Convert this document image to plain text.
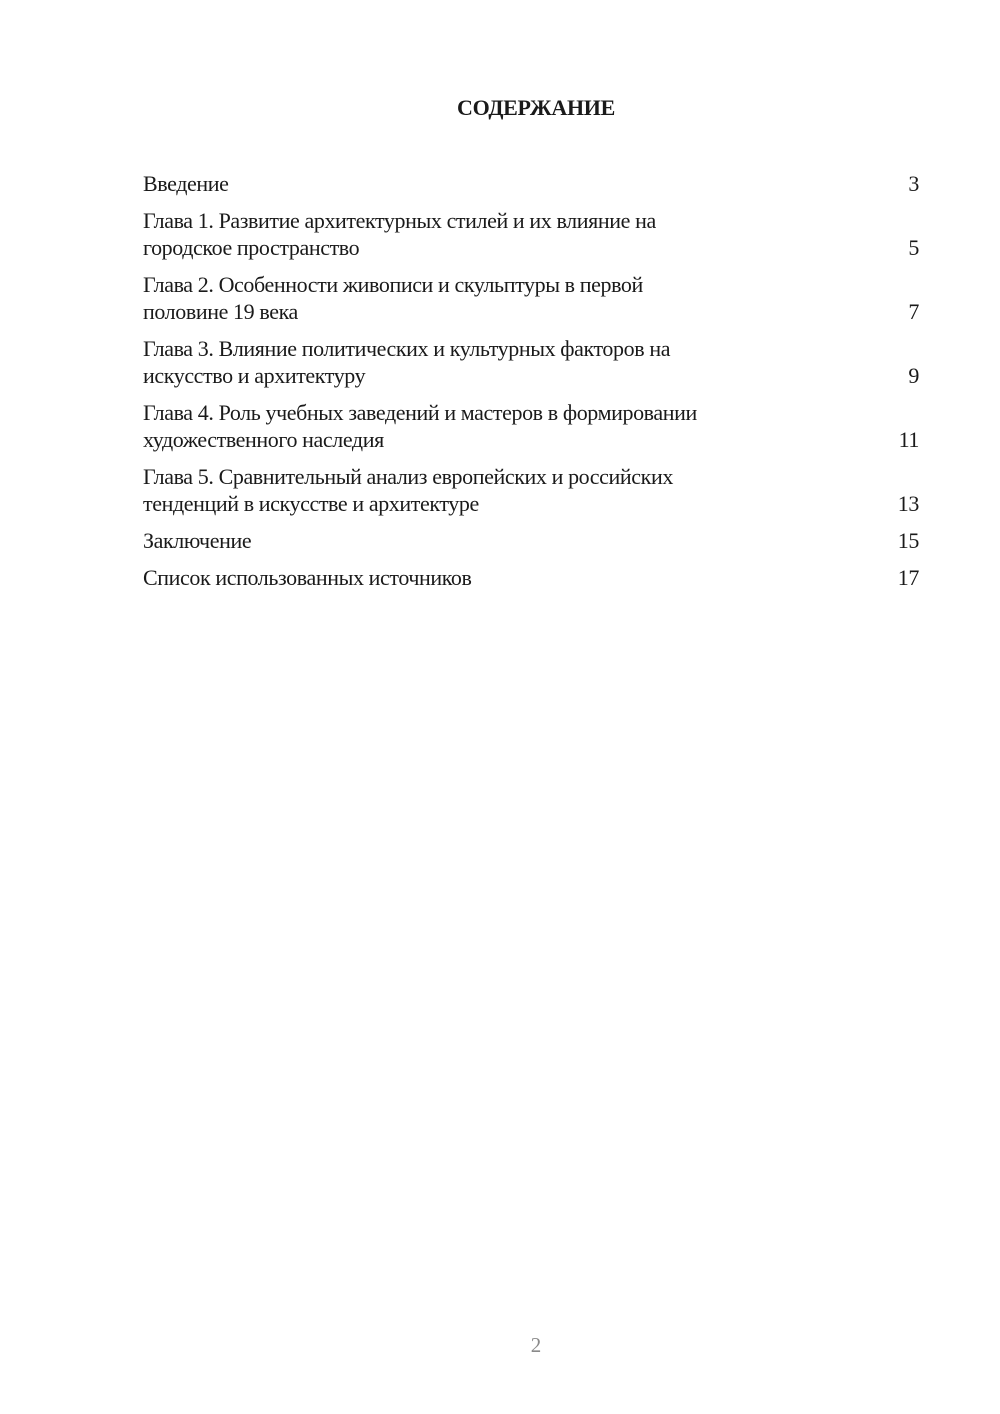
СОДЕРЖАНИЕ
Введение	3
Глава 1. Развитие архитектурных стилей и их влияние на
городское пространство	5
Глава 2. Особенности живописи и скульптуры в первой
половине 19 века	7
Глава 3. Влияние политических и культурных факторов на
искусство и архитектуру	9
Глава 4. Роль учебных заведений и мастеров в формировании
художественного наследия	11
Глава 5. Сравнительный анализ европейских и российских
тенденций в искусстве и архитектуре	13
Заключение	15
Список использованных источников	17
2
